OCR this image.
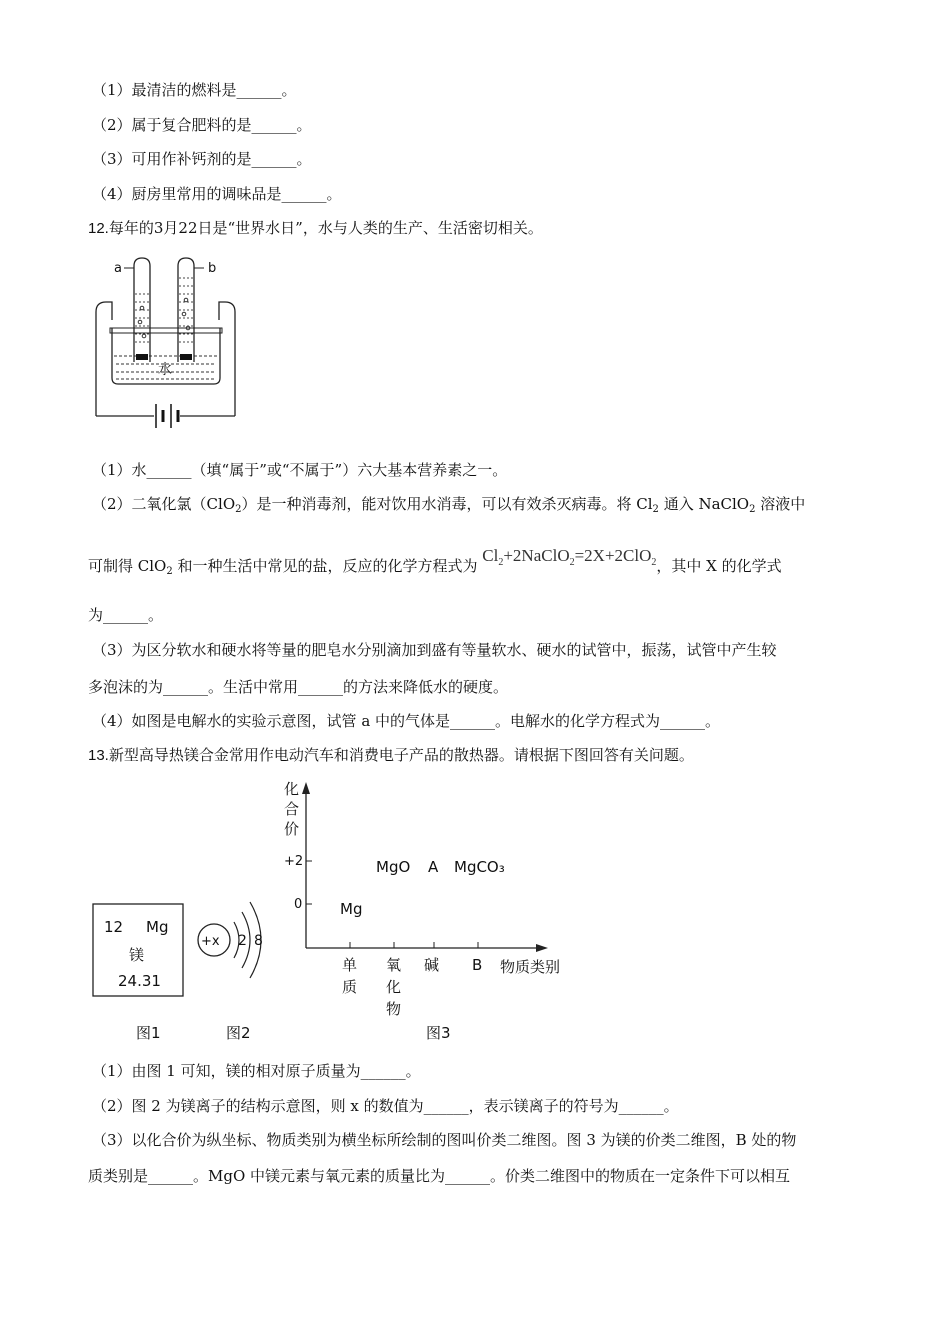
（1）最清洁的燃料是______。
（2）属于复合肥料的是______。
（3）可用作补钙剂的是______。
（4）厨房里常用的调味品是______。
12.每年的3月22日是“世界水日”，水与人类的生产、生活密切相关。
水
a	b
（1）水______（填“属于”或“不属于”）六大基本营养素之一。
（2）二氧化氯（ClO$_2$）是一种消毒剂，能对饮用水消毒，可以有效杀灭病毒。将 $Cl_2$ 通入 NaClO$_2$ 溶液中
可制得 ClO$_2$ 和一种生活中常见的盐，反应的化学方程式为 $Cl_2+2NaClO_2=2X+2ClO_2$，其中 X 的化学式
为______。
（3）为区分软水和硬水将等量的肥皂水分别滴加到盛有等量软水、硬水的试管中，振荡，试管中产生较
多泡沫的为______。生活中常用______的方法来降低水的硬度。
（4）如图是电解水的实验示意图，试管 a 中的气体是______。电解水的化学方程式为______。
13.新型高导热镁合金常用作电动汽车和消费电子产品的散热器。请根据下图回答有关问题。
12 Mg
镁
24.31
图1
+x 2 8
图2
化
合
价
+2
0
单
质
氧
化
物
碱 B 物质类别
Mg
MgO A MgCO₃
图3
（1）由图 1 可知，镁的相对原子质量为______。
（2）图 2 为镁离子的结构示意图，则 x 的数值为______，表示镁离子的符号为______。
（3）以化合价为纵坐标、物质类别为横坐标所绘制的图叫价类二维图。图 3 为镁的价类二维图，B 处的物
质类别是______。MgO 中镁元素与氧元素的质量比为______。价类二维图中的物质在一定条件下可以相互
